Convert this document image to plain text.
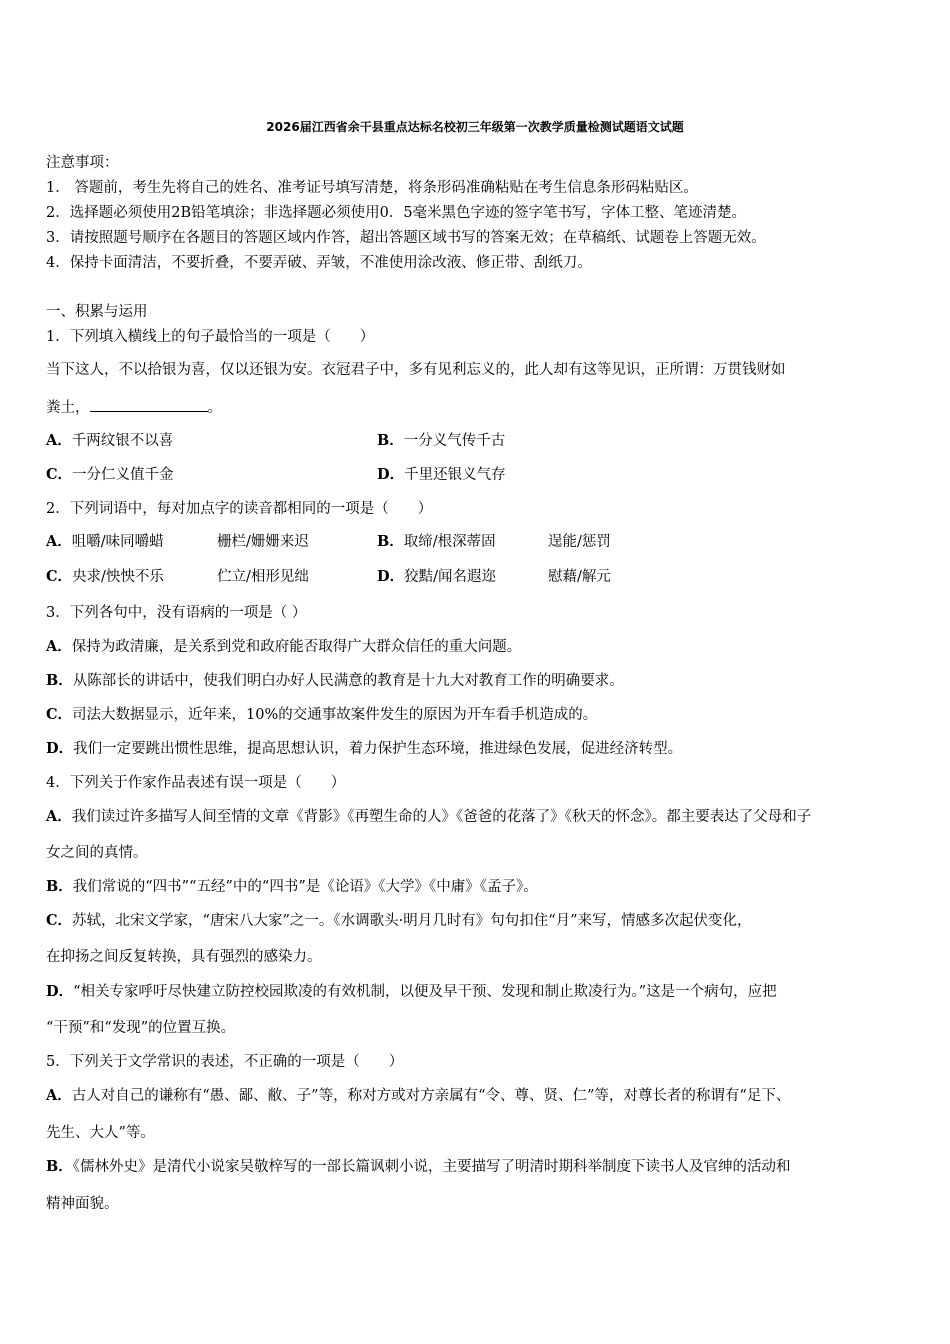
2026届江西省余干县重点达标名校初三年级第一次教学质量检测试题语文试题
注意事项：
1． 答题前，考生先将自己的姓名、准考证号填写清楚，将条形码准确粘贴在考生信息条形码粘贴区。
2．选择题必须使用2B铅笔填涂；非选择题必须使用0．5毫米黑色字迹的签字笔书写，字体工整、笔迹清楚。
3．请按照题号顺序在各题目的答题区域内作答，超出答题区域书写的答案无效；在草稿纸、试题卷上答题无效。
4．保持卡面清洁，不要折叠，不要弄破、弄皱，不准使用涂改液、修正带、刮纸刀。
一、积累与运用
1．下列填入横线上的句子最恰当的一项是（　　）
当下这人，不以拾银为喜，仅以还银为安。衣冠君子中，多有见利忘义的，此人却有这等见识，正所谓：万贯钱财如
粪土，	。
A．千两纹银不以喜	B．一分义气传千古
C．一分仁义值千金	D．千里还银义气存
2．下列词语中，每对加点字的读音都相同的一项是（　　）
A．咀嚼/味同嚼蜡	栅栏/姗姗来迟	B．取缔/根深蒂固	逞能/惩罚
C．央求/怏怏不乐	伫立/相形见绌	D．狡黠/闻名遐迩	慰藉/解元
3．下列各句中，没有语病的一项是（ ）
A．保持为政清廉，是关系到党和政府能否取得广大群众信任的重大问题。
B．从陈部长的讲话中，使我们明白办好人民满意的教育是十九大对教育工作的明确要求。
C．司法大数据显示，近年来，10%的交通事故案件发生的原因为开车看手机造成的。
D．我们一定要跳出惯性思维，提高思想认识，着力保护生态环境，推进绿色发展，促进经济转型。
4．下列关于作家作品表述有误一项是（　　）
A．我们读过许多描写人间至情的文章《背影》《再塑生命的人》《爸爸的花落了》《秋天的怀念》。都主要表达了父母和子
女之间的真情。
B．我们常说的“四书”“五经”中的“四书”是《论语》《大学》《中庸》《孟子》。
C．苏轼，北宋文学家，“唐宋八大家”之一。《水调歌头·明月几时有》句句扣住“月”来写，情感多次起伏变化，
在抑扬之间反复转换，具有强烈的感染力。
D．“相关专家呼吁尽快建立防控校园欺凌的有效机制，以便及早干预、发现和制止欺凌行为。”这是一个病句，应把
“干预”和“发现”的位置互换。
5．下列关于文学常识的表述，不正确的一项是（　　）
A．古人对自己的谦称有“愚、鄙、敝、子”等，称对方或对方亲属有“令、尊、贤、仁”等，对尊长者的称谓有“足下、
先生、大人”等。
B．《儒林外史》是清代小说家吴敬梓写的一部长篇讽刺小说，主要描写了明清时期科举制度下读书人及官绅的活动和
精神面貌。
